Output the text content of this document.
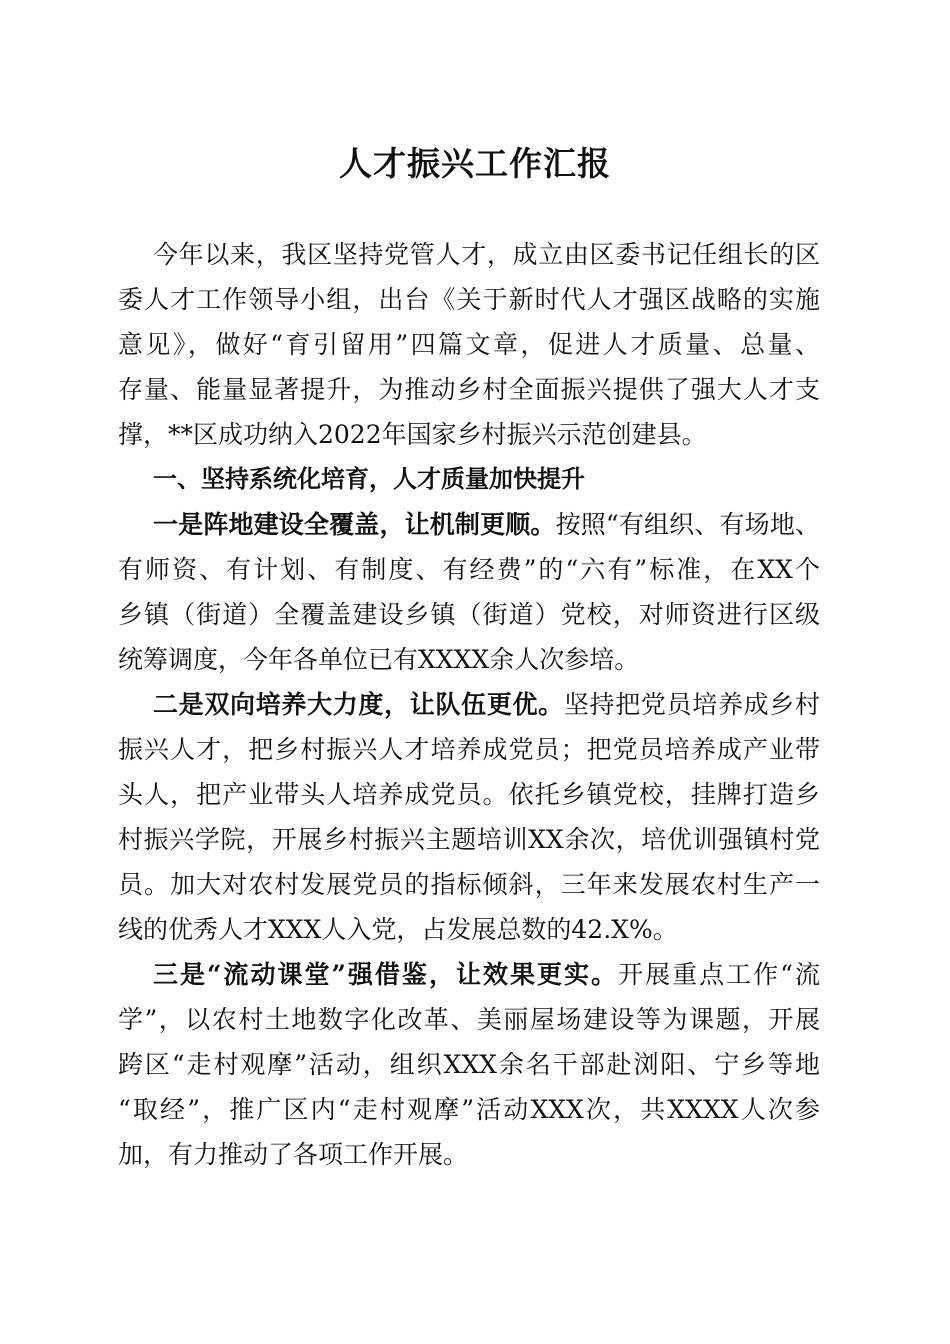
人才振兴工作汇报
今年以来，我区坚持党管人才，成立由区委书记任组长的区
委人才工作领导小组，出台《关于新时代人才强区战略的实施
意见》，做好“育引留用”四篇文章，促进人才质量、总量、
存量、能量显著提升，为推动乡村全面振兴提供了强大人才支
撑，**区成功纳入2022年国家乡村振兴示范创建县。
一、坚持系统化培育，人才质量加快提升
一是阵地建设全覆盖，让机制更顺。按照“有组织、有场地、
有师资、有计划、有制度、有经费”的“六有”标准，在XX个
乡镇（街道）全覆盖建设乡镇（街道）党校，对师资进行区级
统筹调度，今年各单位已有XXXX余人次参培。
二是双向培养大力度，让队伍更优。坚持把党员培养成乡村
振兴人才，把乡村振兴人才培养成党员；把党员培养成产业带
头人，把产业带头人培养成党员。依托乡镇党校，挂牌打造乡
村振兴学院，开展乡村振兴主题培训XX余次，培优训强镇村党
员。加大对农村发展党员的指标倾斜，三年来发展农村生产一
线的优秀人才XXX人入党，占发展总数的42.X%。
三是“流动课堂”强借鉴，让效果更实。开展重点工作“流
学”，以农村土地数字化改革、美丽屋场建设等为课题，开展
跨区“走村观摩”活动，组织XXX余名干部赴浏阳、宁乡等地
“取经”，推广区内“走村观摩”活动XXX次，共XXXX人次参
加，有力推动了各项工作开展。
